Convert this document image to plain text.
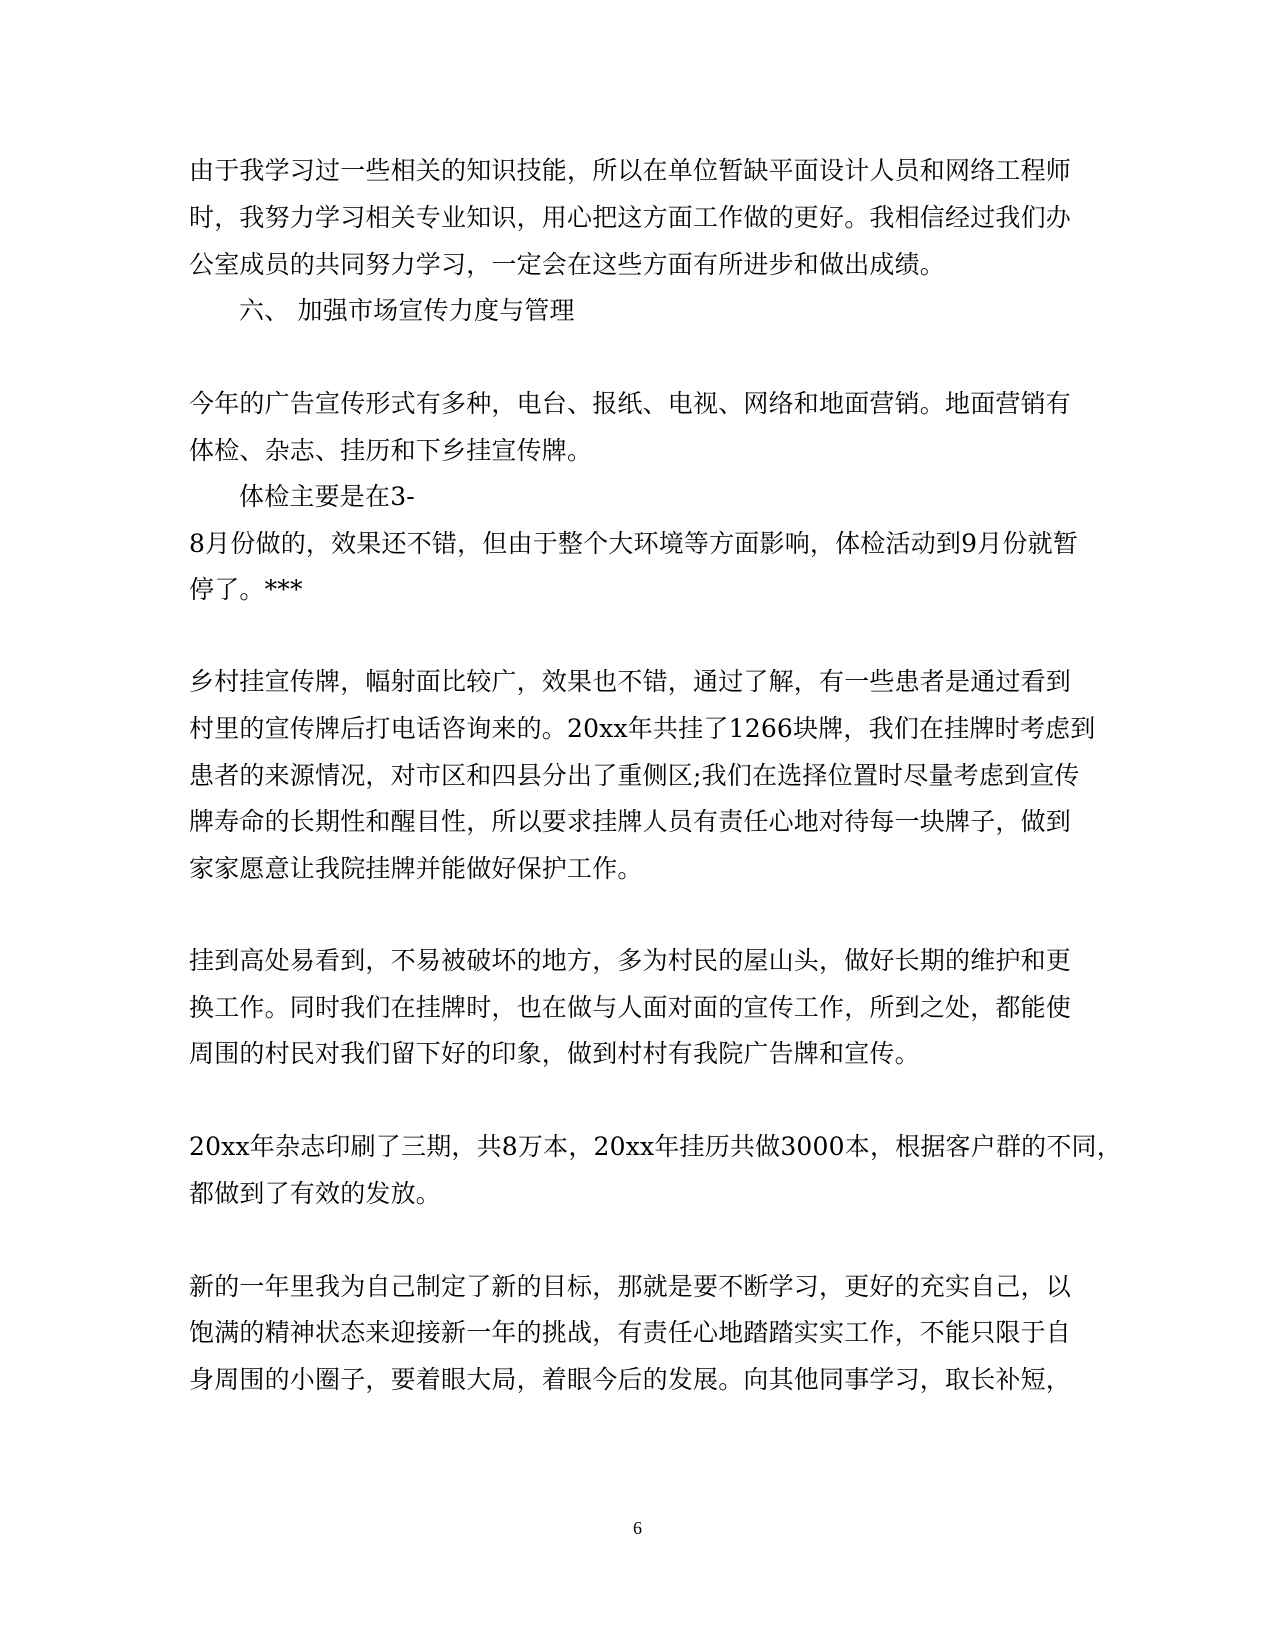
由于我学习过一些相关的知识技能，所以在单位暂缺平面设计人员和网络工程师
时，我努力学习相关专业知识，用心把这方面工作做的更好。我相信经过我们办
公室成员的共同努力学习，一定会在这些方面有所进步和做出成绩。
六、 加强市场宣传力度与管理
今年的广告宣传形式有多种，电台、报纸、电视、网络和地面营销。地面营销有
体检、杂志、挂历和下乡挂宣传牌。
体检主要是在3-
8月份做的，效果还不错，但由于整个大环境等方面影响，体检活动到9月份就暂
停了。***
乡村挂宣传牌，幅射面比较广，效果也不错，通过了解，有一些患者是通过看到
村里的宣传牌后打电话咨询来的。20xx年共挂了1266块牌，我们在挂牌时考虑到
患者的来源情况，对市区和四县分出了重侧区;我们在选择位置时尽量考虑到宣传
牌寿命的长期性和醒目性，所以要求挂牌人员有责任心地对待每一块牌子，做到
家家愿意让我院挂牌并能做好保护工作。
挂到高处易看到，不易被破坏的地方，多为村民的屋山头，做好长期的维护和更
换工作。同时我们在挂牌时，也在做与人面对面的宣传工作，所到之处，都能使
周围的村民对我们留下好的印象，做到村村有我院广告牌和宣传。
20xx年杂志印刷了三期，共8万本，20xx年挂历共做3000本，根据客户群的不同，
都做到了有效的发放。
新的一年里我为自己制定了新的目标，那就是要不断学习，更好的充实自己，以
饱满的精神状态来迎接新一年的挑战，有责任心地踏踏实实工作，不能只限于自
身周围的小圈子，要着眼大局，着眼今后的发展。向其他同事学习，取长补短，
6
